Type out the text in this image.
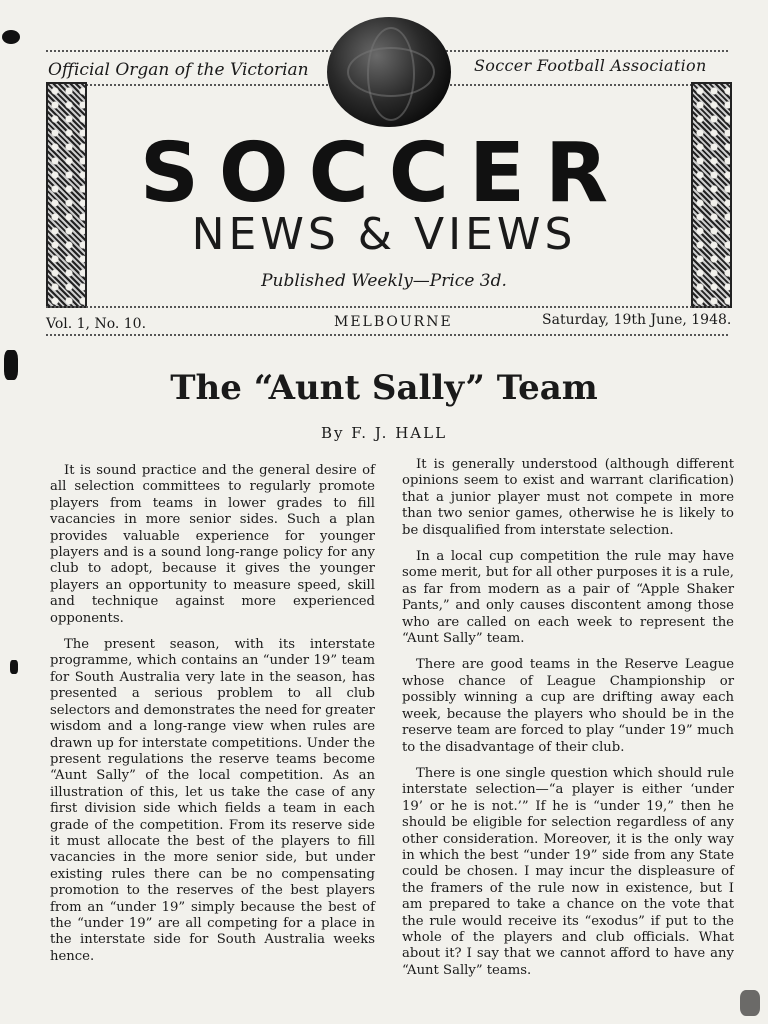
Official Organ of the Victorian	Soccer Football Association
SOCCER
NEWS & VIEWS
Published Weekly—Price 3d.
Vol. 1, No. 10.	MELBOURNE	Saturday, 19th June, 1948.
The “Aunt Sally” Team
By F. J. HALL

It is sound practice and the general desire of all selection committees to regularly promote players from teams in lower grades to fill vacancies in more senior sides. Such a plan provides valuable experience for younger players and is a sound long-range policy for any club to adopt, because it gives the younger players an opportunity to measure speed, skill and technique against more experienced opponents.

The present season, with its interstate programme, which contains an “under 19” team for South Australia very late in the season, has presented a serious problem to all club selectors and demonstrates the need for greater wisdom and a long-range view when rules are drawn up for interstate competitions. Under the present regulations the reserve teams become “Aunt Sally” of the local competition. As an illustration of this, let us take the case of any first division side which fields a team in each grade of the competition. From its reserve side it must allocate the best of the players to fill vacancies in the more senior side, but under existing rules there can be no compensating promotion to the reserves of the best players from an “under 19” simply because the best of the “under 19” are all competing for a place in the interstate side for South Australia weeks hence.

It is generally understood (although different opinions seem to exist and warrant clarification) that a junior player must not compete in more than two senior games, otherwise he is likely to be disqualified from interstate selection.

In a local cup competition the rule may have some merit, but for all other purposes it is a rule, as far from modern as a pair of “Apple Shaker Pants,” and only causes discontent among those who are called on each week to represent the “Aunt Sally” team.

There are good teams in the Reserve League whose chance of League Championship or possibly winning a cup are drifting away each week, because the players who should be in the reserve team are forced to play “under 19” much to the disadvantage of their club.

There is one single question which should rule interstate selection—“a player is either ‘under 19’ or he is not.’” If he is “under 19,” then he should be eligible for selection regardless of any other consideration. Moreover, it is the only way in which the best “under 19” side from any State could be chosen. I may incur the displeasure of the framers of the rule now in existence, but I am prepared to take a chance on the vote that the rule would receive its “exodus” if put to the whole of the players and club officials. What about it? I say that we cannot afford to have any “Aunt Sally” teams.
